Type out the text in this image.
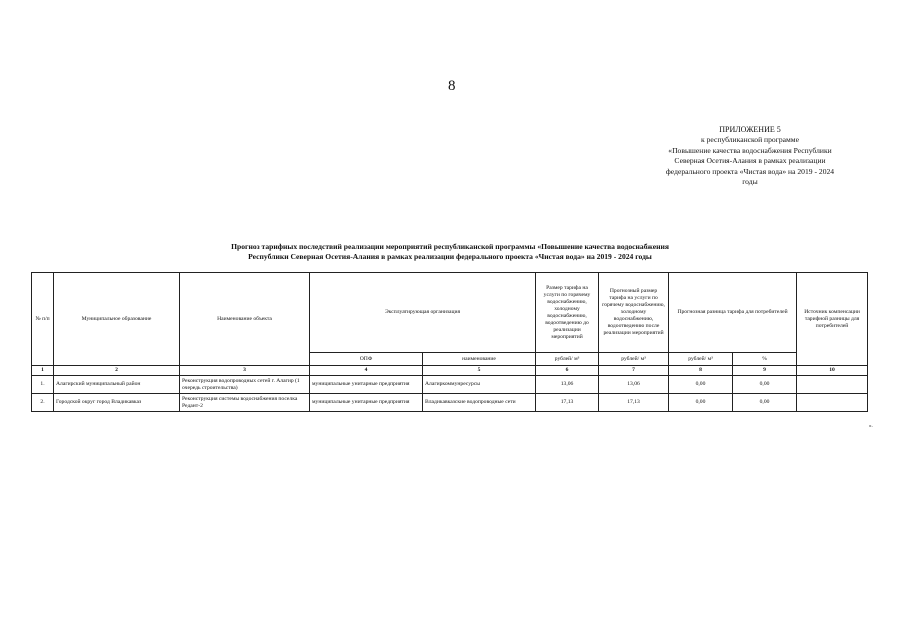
8
ПРИЛОЖЕНИЕ 5
к республиканской программе
«Повышение качества водоснабжения Республики
Северная Осетия-Алания в рамках реализации
федерального проекта «Чистая вода» на 2019 - 2024
годы
Прогноз тарифных последствий реализации мероприятий республиканской программы «Повышение качества водоснабжения
Республики Северная Осетия-Алания в рамках реализации федерального проекта «Чистая вода» на 2019 - 2024 годы
№ п/п	Муниципальное образование	Наименование объекта	Эксплуатирующая организация		Размер тарифа на услуги по горячему водоснабжению, холодному водоснабжению, водоотведению до реализации мероприятий	Прогнозный размер тарифа на услуги по горячему водоснабжению, холодному водоснабжению, водоотведению после реализации мероприятий	Прогнозная разница тарифа для потребителей		Источник компенсации тарифной разницы для потребителей
			ОПФ	наименование	рублей/ м³	рублей/ м³	рублей/ м³	%	
1	2	3	4	5	6	7	8	9	10
1.	Алагирский муниципальный район	Реконструкция водопроводных сетей г. Алагир (1 очередь строительства)	муниципальные унитарные предприятия	Алагиркоммунресурсы	13,06	13,06	0,00	0,00	
2.	Городской округ город Владикавказ	Реконструкция системы водоснабжения поселка Редант-2	муниципальные унитарные предприятия	Владикавказские водопроводные сети	17,13	17,13	0,00	0,00	
».
